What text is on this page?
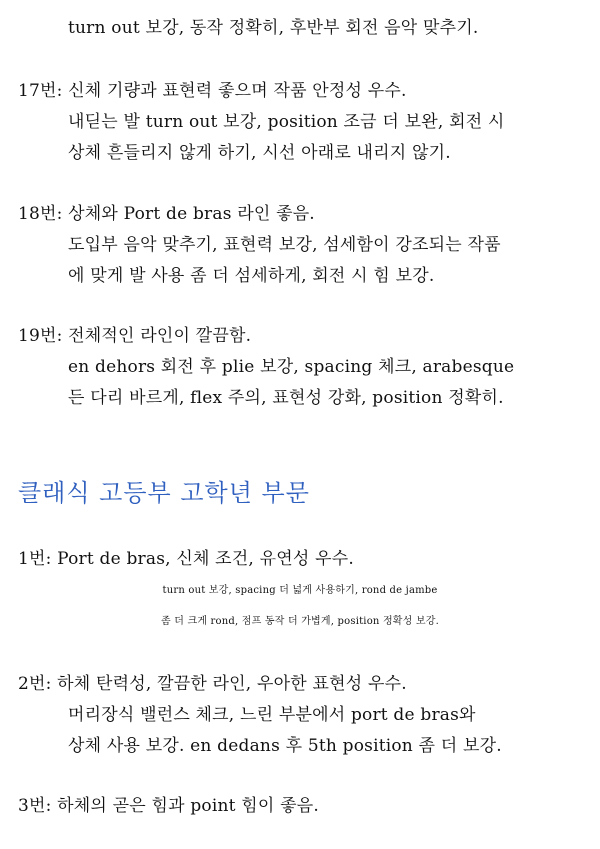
turn out 보강, 동작 정확히, 후반부 회전 음악 맞추기.
17번: 신체 기량과 표현력 좋으며 작품 안정성 우수.
내딛는 발 turn out 보강, position 조금 더 보완, 회전 시
상체 흔들리지 않게 하기, 시선 아래로 내리지 않기.
18번: 상체와 Port de bras 라인 좋음.
도입부 음악 맞추기, 표현력 보강, 섬세함이 강조되는 작품
에 맞게 발 사용 좀 더 섬세하게, 회전 시 힘 보강.
19번: 전체적인 라인이 깔끔함.
en dehors 회전 후 plie 보강, spacing 체크, arabesque
든 다리 바르게, flex 주의, 표현성 강화, position 정확히.
클래식 고등부 고학년 부문
1번: Port de bras, 신체 조건, 유연성 우수.
turn out 보강, spacing 더 넓게 사용하기, rond de jambe
좀 더 크게 rond, 점프 동작 더 가볍게, position 정확성 보강.
2번: 하체 탄력성, 깔끔한 라인, 우아한 표현성 우수.
머리장식 밸런스 체크, 느린 부분에서 port de bras와
상체 사용 보강. en dedans 후 5th position 좀 더 보강.
3번: 하체의 곧은 힘과 point 힘이 좋음.
